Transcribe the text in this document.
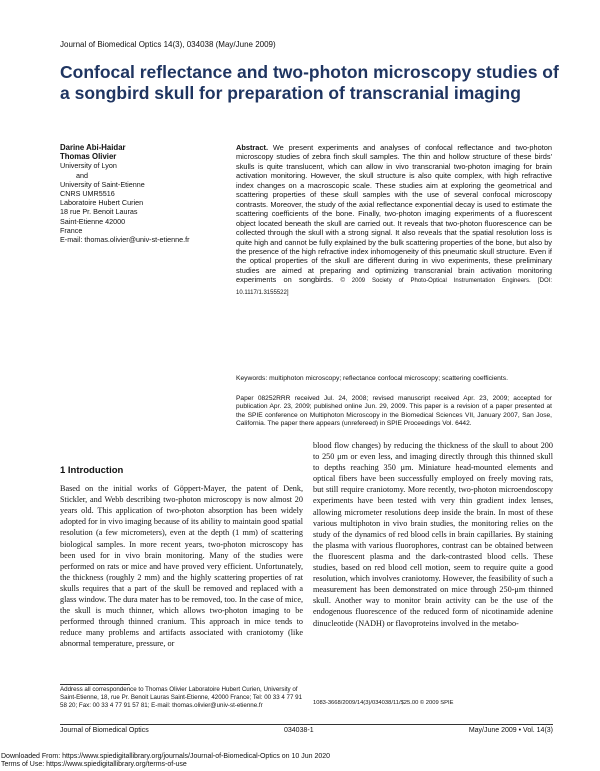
Journal of Biomedical Optics 14(3), 034038 (May/June 2009)
Confocal reflectance and two-photon microscopy studies of a songbird skull for preparation of transcranial imaging
Darine Abi-Haidar
Thomas Olivier
University of Lyon
and
University of Saint-Etienne
CNRS UMR5516
Laboratoire Hubert Curien
18 rue Pr. Benoit Lauras
Saint-Etienne 42000
France
E-mail: thomas.olivier@univ-st-etienne.fr
Abstract. We present experiments and analyses of confocal reflectance and two-photon microscopy studies of zebra finch skull samples. The thin and hollow structure of these birds' skulls is quite translucent, which can allow in vivo transcranial two-photon imaging for brain activation monitoring. However, the skull structure is also quite complex, with high refractive index changes on a macroscopic scale. These studies aim at exploring the geometrical and scattering properties of these skull samples with the use of several confocal microscopy contrasts. Moreover, the study of the axial reflectance exponential decay is used to estimate the scattering coefficients of the bone. Finally, two-photon imaging experiments of a fluorescent object located beneath the skull are carried out. It reveals that two-photon fluorescence can be collected through the skull with a strong signal. It also reveals that the spatial resolution loss is quite high and cannot be fully explained by the bulk scattering properties of the bone, but also by the presence of the high refractive index inhomogeneity of this pneumatic skull structure. Even if the optical properties of the skull are different during in vivo experiments, these preliminary studies are aimed at preparing and optimizing transcranial brain activation monitoring experiments on songbirds. © 2009 Society of Photo-Optical Instrumentation Engineers. [DOI: 10.1117/1.3155522]
Keywords: multiphoton microscopy; reflectance confocal microscopy; scattering coefficients.
Paper 08252RRR received Jul. 24, 2008; revised manuscript received Apr. 23, 2009; accepted for publication Apr. 23, 2009; published online Jun. 29, 2009. This paper is a revision of a paper presented at the SPIE conference on Multiphoton Microscopy in the Biomedical Sciences VII, January 2007, San Jose, California. The paper there appears (unrefereed) in SPIE Proceedings Vol. 6442.
1 Introduction

Based on the initial works of Göppert-Mayer, the patent of Denk, Stickler, and Webb describing two-photon microscopy is now almost 20 years old. This application of two-photon absorption has been widely adopted for in vivo imaging because of its ability to maintain good spatial resolution (a few micrometers), even at the depth (1 mm) of scattering biological samples. In more recent years, two-photon microscopy has been used for in vivo brain monitoring. Many of the studies were performed on rats or mice and have proved very efficient. Unfortunately, the thickness (roughly 2 mm) and the highly scattering properties of rat skulls requires that a part of the skull be removed and replaced with a glass window. The dura mater has to be removed, too. In the case of mice, the skull is much thinner, which allows two-photon imaging to be performed through thinned cranium. This approach in mice tends to reduce many problems and artifacts associated with craniotomy (like abnormal temperature, pressure, or

blood flow changes) by reducing the thickness of the skull to about 200 to 250 μm or even less, and imaging directly through this thinned skull to depths reaching 350 μm. Miniature head-mounted elements and optical fibers have been successfully employed on freely moving rats, but still require craniotomy. More recently, two-photon microendoscopy experiments have been tested with very thin gradient index lenses, allowing micrometer resolutions deep inside the brain. In most of these various multiphoton in vivo brain studies, the monitoring relies on the study of the dynamics of red blood cells in brain capillaries. By staining the plasma with various fluorophores, contrast can be obtained between the fluorescent plasma and the dark-contrasted blood cells. These studies, based on red blood cell motion, seem to require quite a good resolution, which involves craniotomy. However, the feasibility of such a measurement has been demonstrated on mice through 250-μm thinned skull. Another way to monitor brain activity can be the use of the endogenous fluorescence of the reduced form of nicotinamide adenine dinucleotide (NADH) or flavoproteins involved in the metabo-

Address all correspondence to Thomas Olivier Laboratoire Hubert Curien, University of Saint-Etienne, 18, rue Pr. Benoit Lauras Saint-Etienne, 42000 France; Tel: 00 33 4 77 91 58 20; Fax: 00 33 4 77 91 57 81; E-mail: thomas.olivier@univ-st-etienne.fr	1083-3668/2009/14(3)/034038/11/$25.00 © 2009 SPIE
Journal of Biomedical Optics	034038-1	May/June 2009 • Vol. 14(3)
Downloaded From: https://www.spiedigitallibrary.org/journals/Journal-of-Biomedical-Optics on 10 Jun 2020
Terms of Use: https://www.spiedigitallibrary.org/terms-of-use
